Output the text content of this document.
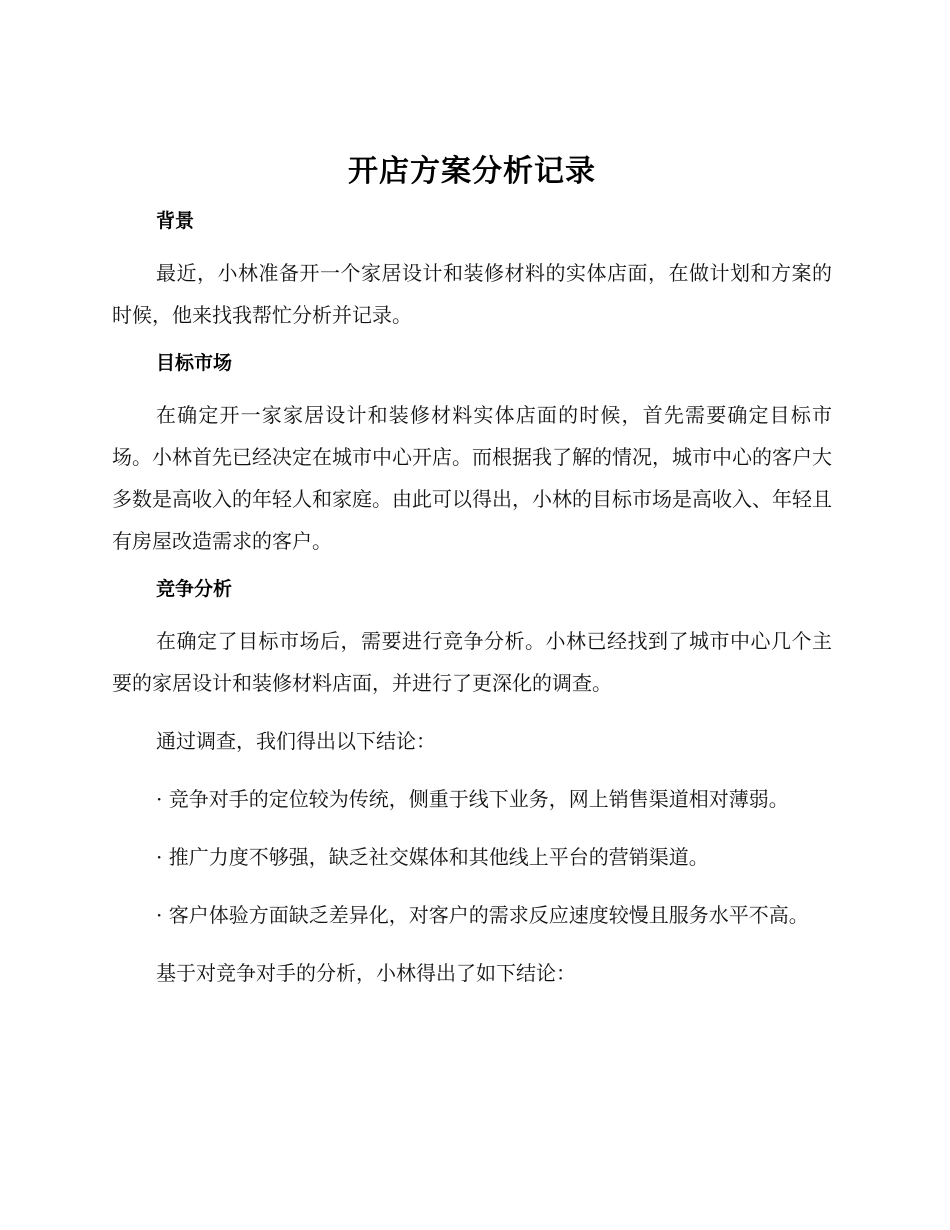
开店方案分析记录
背景

最近，小林准备开一个家居设计和装修材料的实体店面，在做计划和方案的时候，他来找我帮忙分析并记录。

目标市场

在确定开一家家居设计和装修材料实体店面的时候，首先需要确定目标市场。小林首先已经决定在城市中心开店。而根据我了解的情况，城市中心的客户大多数是高收入的年轻人和家庭。由此可以得出，小林的目标市场是高收入、年轻且有房屋改造需求的客户。

竞争分析

在确定了目标市场后，需要进行竞争分析。小林已经找到了城市中心几个主要的家居设计和装修材料店面，并进行了更深化的调查。

通过调查，我们得出以下结论：

· 竞争对手的定位较为传统，侧重于线下业务，网上销售渠道相对薄弱。

· 推广力度不够强，缺乏社交媒体和其他线上平台的营销渠道。

· 客户体验方面缺乏差异化，对客户的需求反应速度较慢且服务水平不高。

基于对竞争对手的分析，小林得出了如下结论：
